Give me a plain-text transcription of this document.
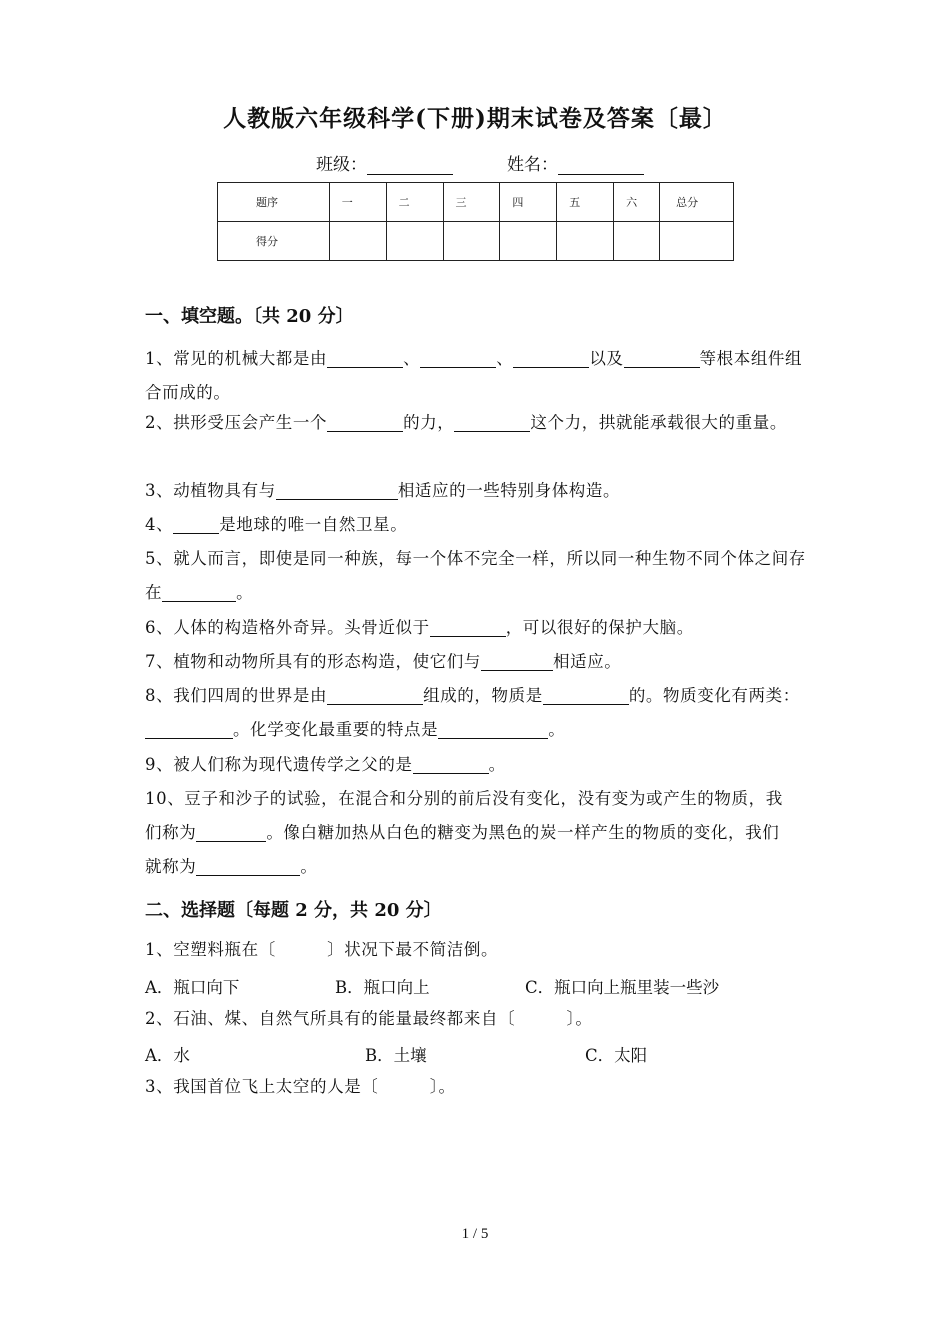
人教版六年级科学(下册)期末试卷及答案〔最〕
班级：	姓名：
题序	一	二	三	四	五	六	总分
得分							
一、填空题。〔共 20 分〕
1、常见的机械大都是由	、	、	以及	等根本组件组合而成的。
2、拱形受压会产生一个	的力，	这个力，拱就能承载很大的重量。
3、动植物具有与	相适应的一些特别身体构造。
4、	是地球的唯一自然卫星。
5、就人而言，即使是同一种族，每一个体不完全一样，所以同一种生物不同个体之间存在	。
6、人体的构造格外奇异。头骨近似于	，可以很好的保护大脑。
7、植物和动物所具有的形态构造，使它们与	相适应。
8、我们四周的世界是由	组成的，物质是	的。物质变化有两类：。化学变化最重要的特点是	。
9、被人们称为现代遗传学之父的是	。
10、豆子和沙子的试验，在混合和分别的前后没有变化，没有变为或产生的物质，我们称为	。像白糖加热从白色的糖变为黑色的炭一样产生的物质的变化，我们就称为	。
二、选择题〔每题 2 分，共 20 分〕
1、空塑料瓶在〔　　　〕状况下最不简洁倒。
A．瓶口向下	B．瓶口向上	C．瓶口向上瓶里装一些沙
2、石油、煤、自然气所具有的能量最终都来自〔　　　〕。
A．水	B．土壤	C．太阳
3、我国首位飞上太空的人是〔　　　〕。
1 / 5
